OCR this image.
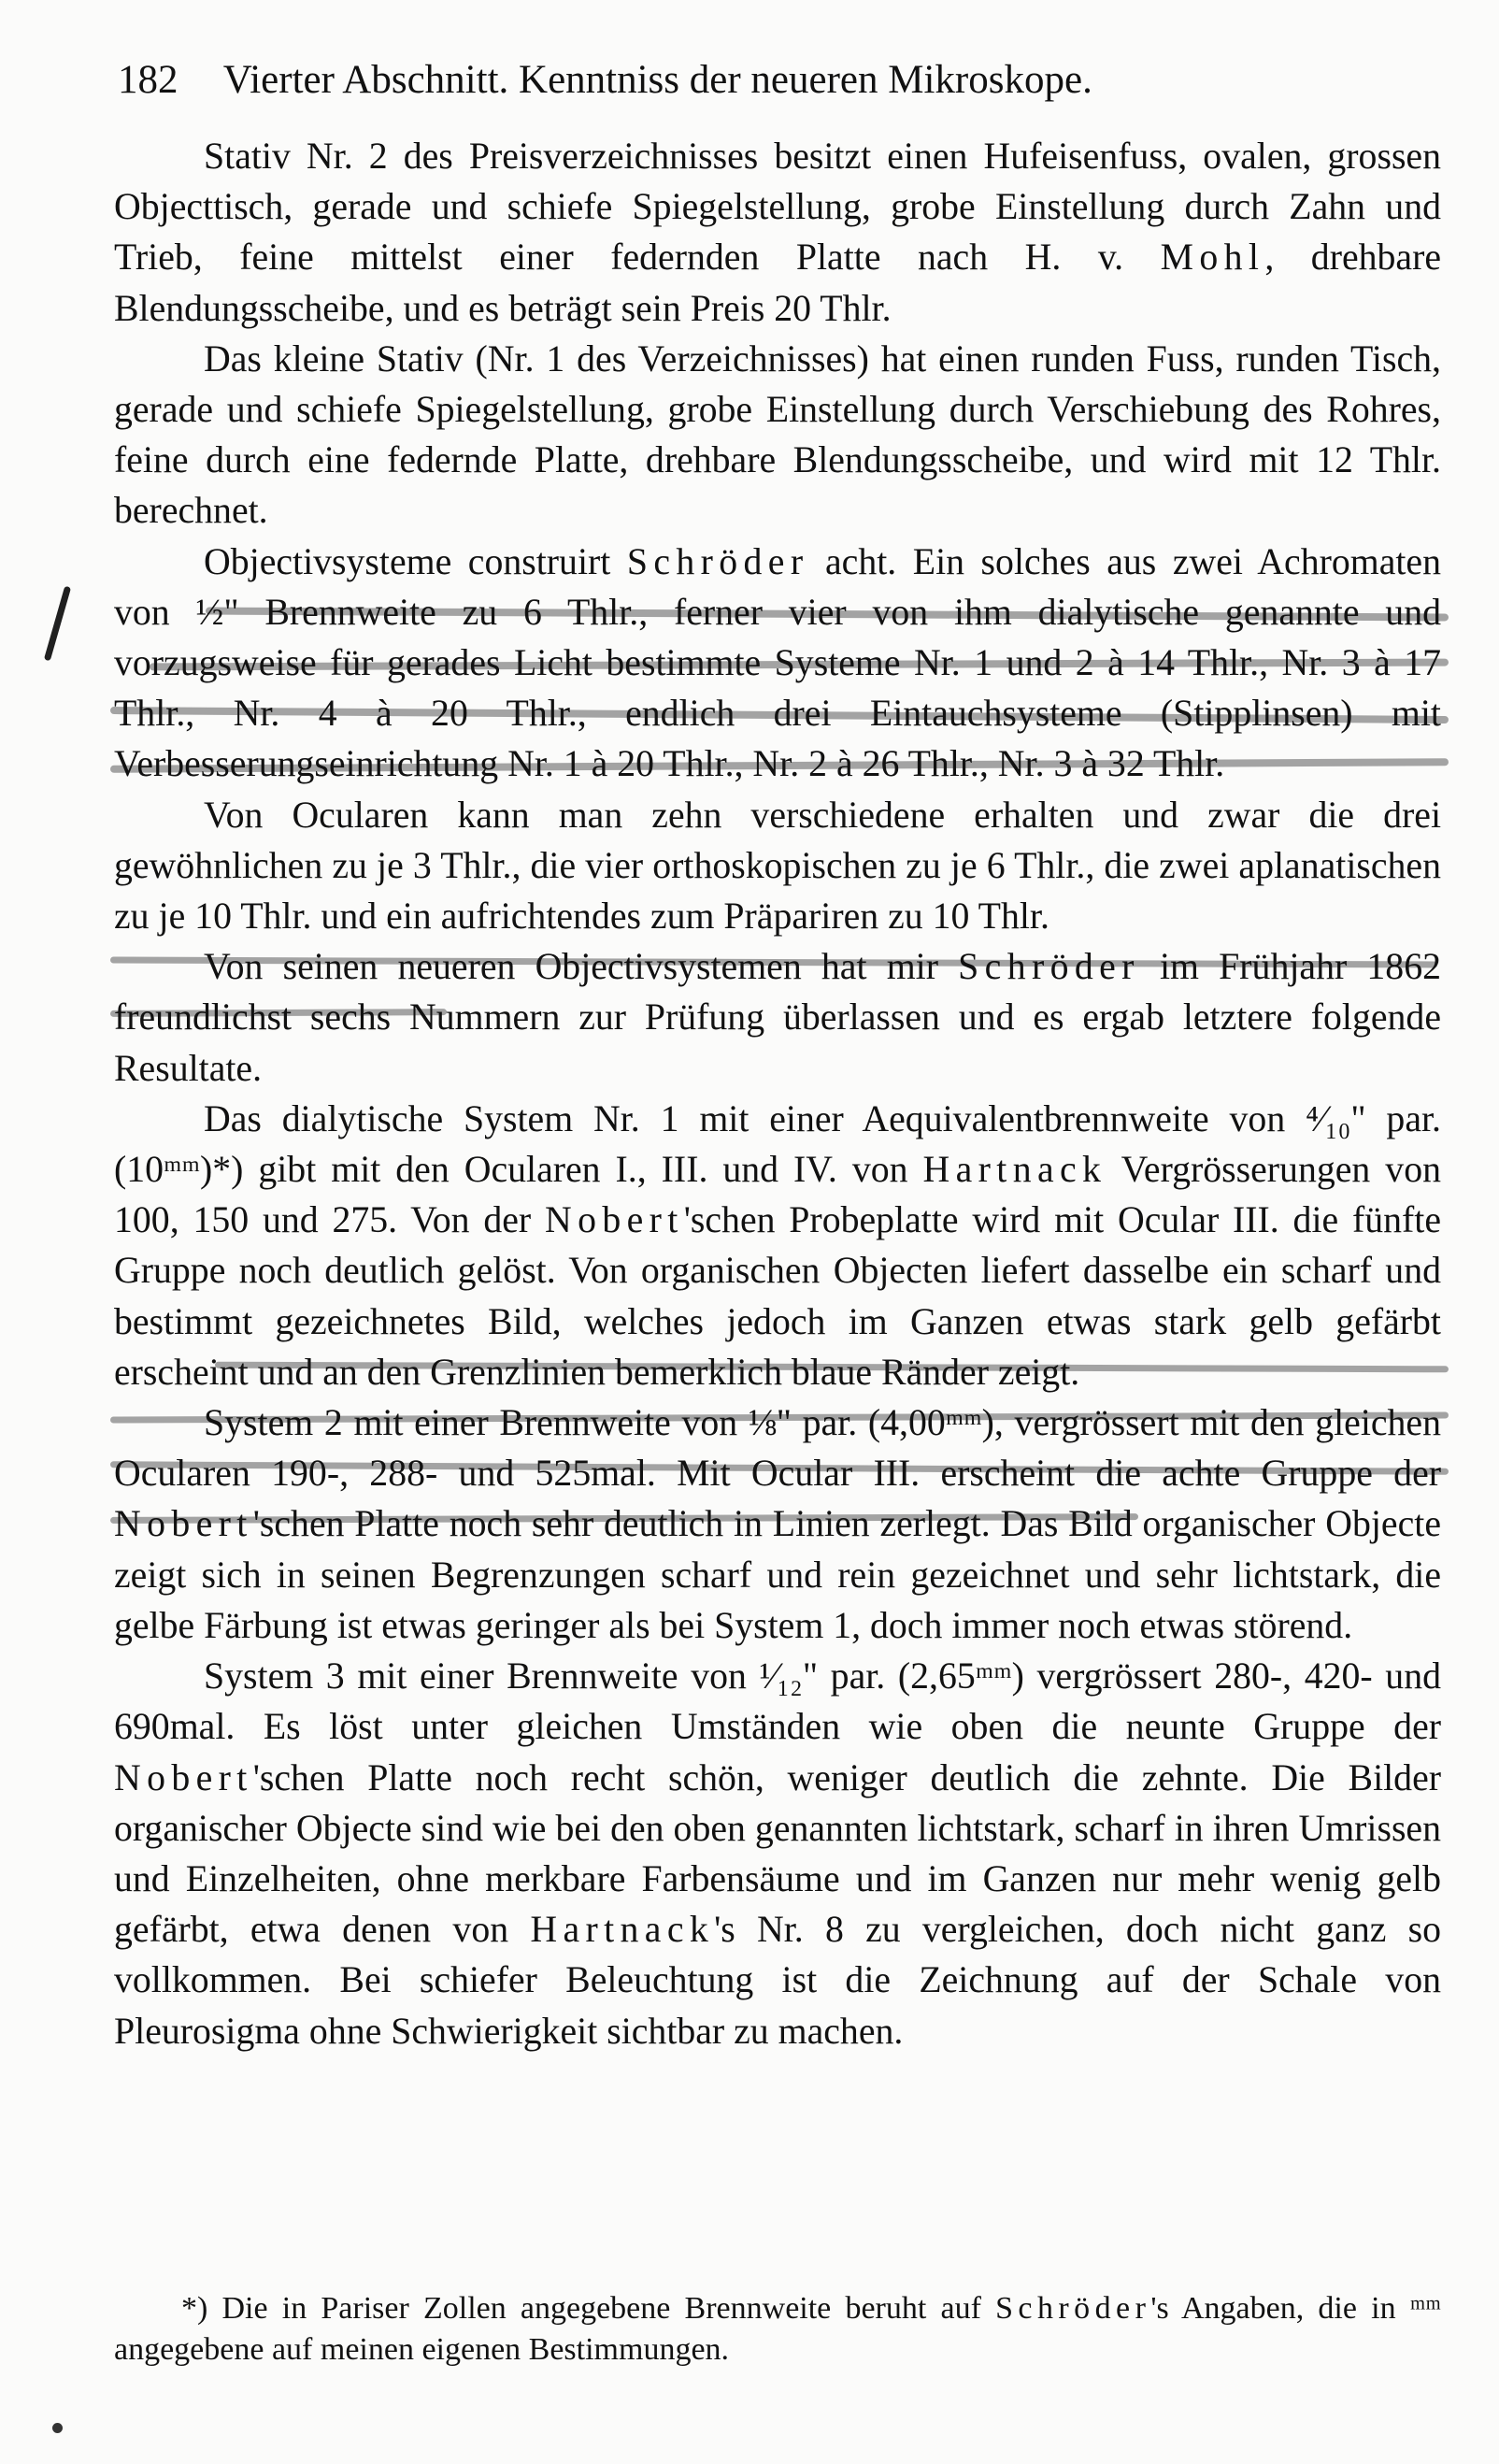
182 Vierter Abschnitt. Kenntniss der neueren Mikroskope.

Stativ Nr. 2 des Preisverzeichnisses besitzt einen Hufeisenfuss, ovalen, grossen Objecttisch, gerade und schiefe Spiegelstellung, grobe Einstellung durch Zahn und Trieb, feine mittelst einer federnden Platte nach H. v. Mohl, drehbare Blendungsscheibe, und es beträgt sein Preis 20 Thlr.

Das kleine Stativ (Nr. 1 des Verzeichnisses) hat einen runden Fuss, runden Tisch, gerade und schiefe Spiegelstellung, grobe Einstellung durch Verschiebung des Rohres, feine durch eine federnde Platte, drehbare Blendungsscheibe, und wird mit 12 Thlr. berechnet.

Objectivsysteme construirt Schröder acht. Ein solches aus zwei Achromaten von ½" Brennweite zu 6 Thlr., ferner vier von ihm dialytische genannte und vorzugsweise für gerades Licht bestimmte Systeme Nr. 1 und 2 à 14 Thlr., Nr. 3 à 17 Thlr., Nr. 4 à 20 Thlr., endlich drei Eintauchsysteme (Stipplinsen) mit Verbesserungseinrichtung Nr. 1 à 20 Thlr., Nr. 2 à 26 Thlr., Nr. 3 à 32 Thlr.

Von Ocularen kann man zehn verschiedene erhalten und zwar die drei gewöhnlichen zu je 3 Thlr., die vier orthoskopischen zu je 6 Thlr., die zwei aplanatischen zu je 10 Thlr. und ein aufrichtendes zum Präpariren zu 10 Thlr.

Von seinen neueren Objectivsystemen hat mir Schröder im Frühjahr 1862 freundlichst sechs Nummern zur Prüfung überlassen und es ergab letztere folgende Resultate.

Das dialytische System Nr. 1 mit einer Aequivalentbrennweite von ⁴⁄₁₀" par. (10ᵐᵐ)*) gibt mit den Ocularen I., III. und IV. von Hartnack Vergrösserungen von 100, 150 und 275. Von der Nobert'schen Probeplatte wird mit Ocular III. die fünfte Gruppe noch deutlich gelöst. Von organischen Objecten liefert dasselbe ein scharf und bestimmt gezeichnetes Bild, welches jedoch im Ganzen etwas stark gelb gefärbt erscheint und an den Grenzlinien bemerklich blaue Ränder zeigt.

System 2 mit einer Brennweite von ⅛" par. (4,00ᵐᵐ), vergrössert mit den gleichen Ocularen 190-, 288- und 525mal. Mit Ocular III. erscheint die achte Gruppe der Nobert'schen Platte noch sehr deutlich in Linien zerlegt. Das Bild organischer Objecte zeigt sich in seinen Begrenzungen scharf und rein gezeichnet und sehr lichtstark, die gelbe Färbung ist etwas geringer als bei System 1, doch immer noch etwas störend.

System 3 mit einer Brennweite von ¹⁄₁₂" par. (2,65ᵐᵐ) vergrössert 280-, 420- und 690mal. Es löst unter gleichen Umständen wie oben die neunte Gruppe der Nobert'schen Platte noch recht schön, weniger deutlich die zehnte. Die Bilder organischer Objecte sind wie bei den oben genannten lichtstark, scharf in ihren Umrissen und Einzelheiten, ohne merkbare Farbensäume und im Ganzen nur mehr wenig gelb gefärbt, etwa denen von Hartnack's Nr. 8 zu vergleichen, doch nicht ganz so vollkommen. Bei schiefer Beleuchtung ist die Zeichnung auf der Schale von Pleurosigma ohne Schwierigkeit sichtbar zu machen.

*) Die in Pariser Zollen angegebene Brennweite beruht auf Schröder's Angaben, die in ᵐᵐ angegebene auf meinen eigenen Bestimmungen.
